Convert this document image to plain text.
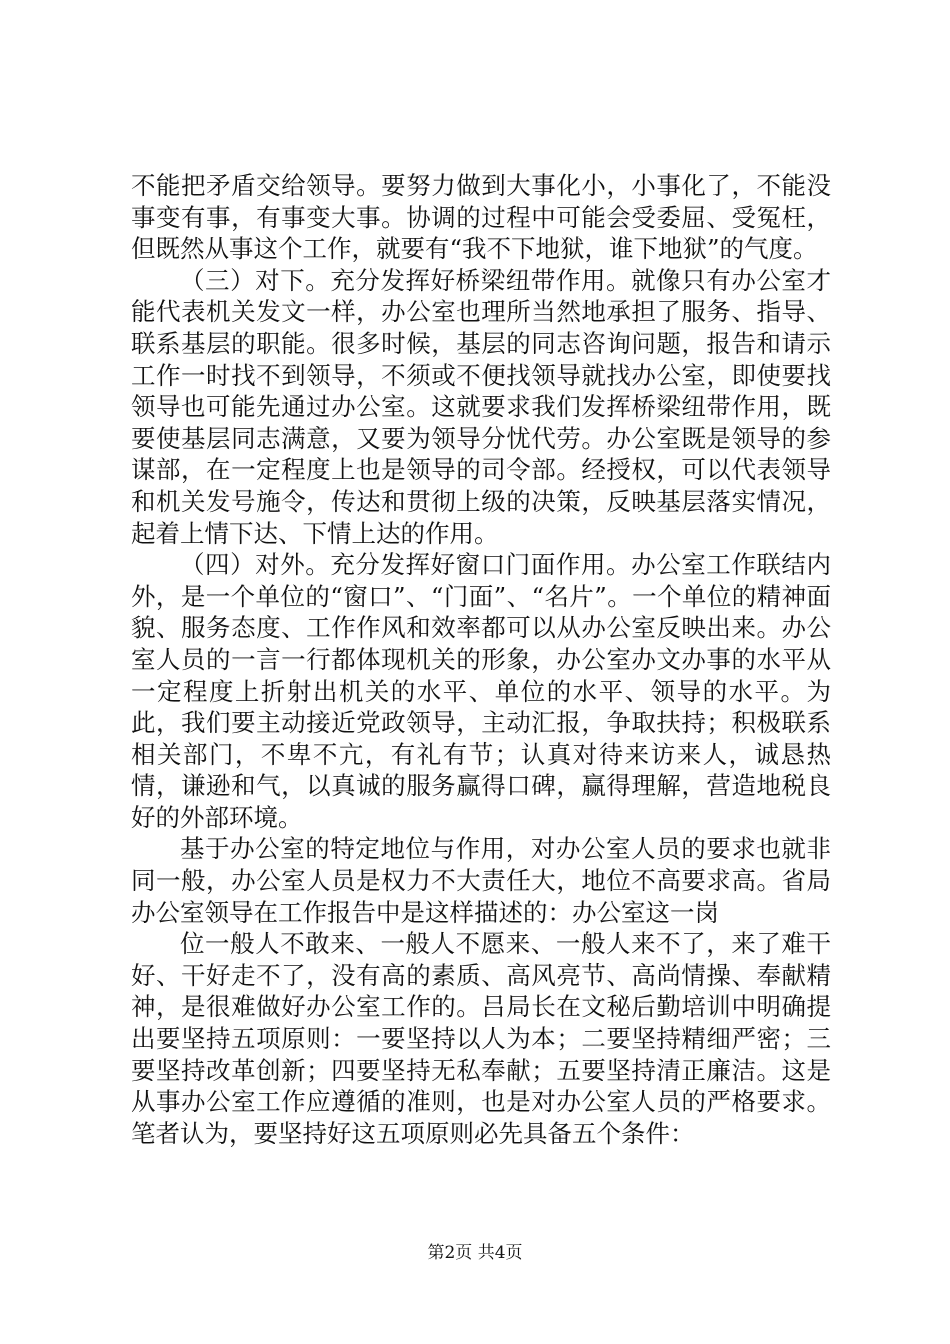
不能把矛盾交给领导。要努力做到大事化小，小事化了，不能没事变有事，有事变大事。协调的过程中可能会受委屈、受冤枉，但既然从事这个工作，就要有“我不下地狱，谁下地狱”的气度。

（三）对下。充分发挥好桥梁纽带作用。就像只有办公室才能代表机关发文一样，办公室也理所当然地承担了服务、指导、联系基层的职能。很多时候，基层的同志咨询问题，报告和请示工作一时找不到领导，不须或不便找领导就找办公室，即使要找领导也可能先通过办公室。这就要求我们发挥桥梁纽带作用，既要使基层同志满意，又要为领导分忧代劳。办公室既是领导的参谋部，在一定程度上也是领导的司令部。经授权，可以代表领导和机关发号施令，传达和贯彻上级的决策，反映基层落实情况，起着上情下达、下情上达的作用。

（四）对外。充分发挥好窗口门面作用。办公室工作联结内外，是一个单位的“窗口”、“门面”、“名片”。一个单位的精神面貌、服务态度、工作作风和效率都可以从办公室反映出来。办公室人员的一言一行都体现机关的形象，办公室办文办事的水平从一定程度上折射出机关的水平、单位的水平、领导的水平。为此，我们要主动接近党政领导，主动汇报，争取扶持；积极联系相关部门，不卑不亢，有礼有节；认真对待来访来人，诚恳热情，谦逊和气，以真诚的服务赢得口碑，赢得理解，营造地税良好的外部环境。

基于办公室的特定地位与作用，对办公室人员的要求也就非同一般，办公室人员是权力不大责任大，地位不高要求高。省局办公室领导在工作报告中是这样描述的：办公室这一岗

位一般人不敢来、一般人不愿来、一般人来不了，来了难干好、干好走不了，没有高的素质、高风亮节、高尚情操、奉献精神，是很难做好办公室工作的。吕局长在文秘后勤培训中明确提出要坚持五项原则：一要坚持以人为本；二要坚持精细严密；三要坚持改革创新；四要坚持无私奉献；五要坚持清正廉洁。这是从事办公室工作应遵循的准则，也是对办公室人员的严格要求。笔者认为，要坚持好这五项原则必先具备五个条件：

第2页 共4页
